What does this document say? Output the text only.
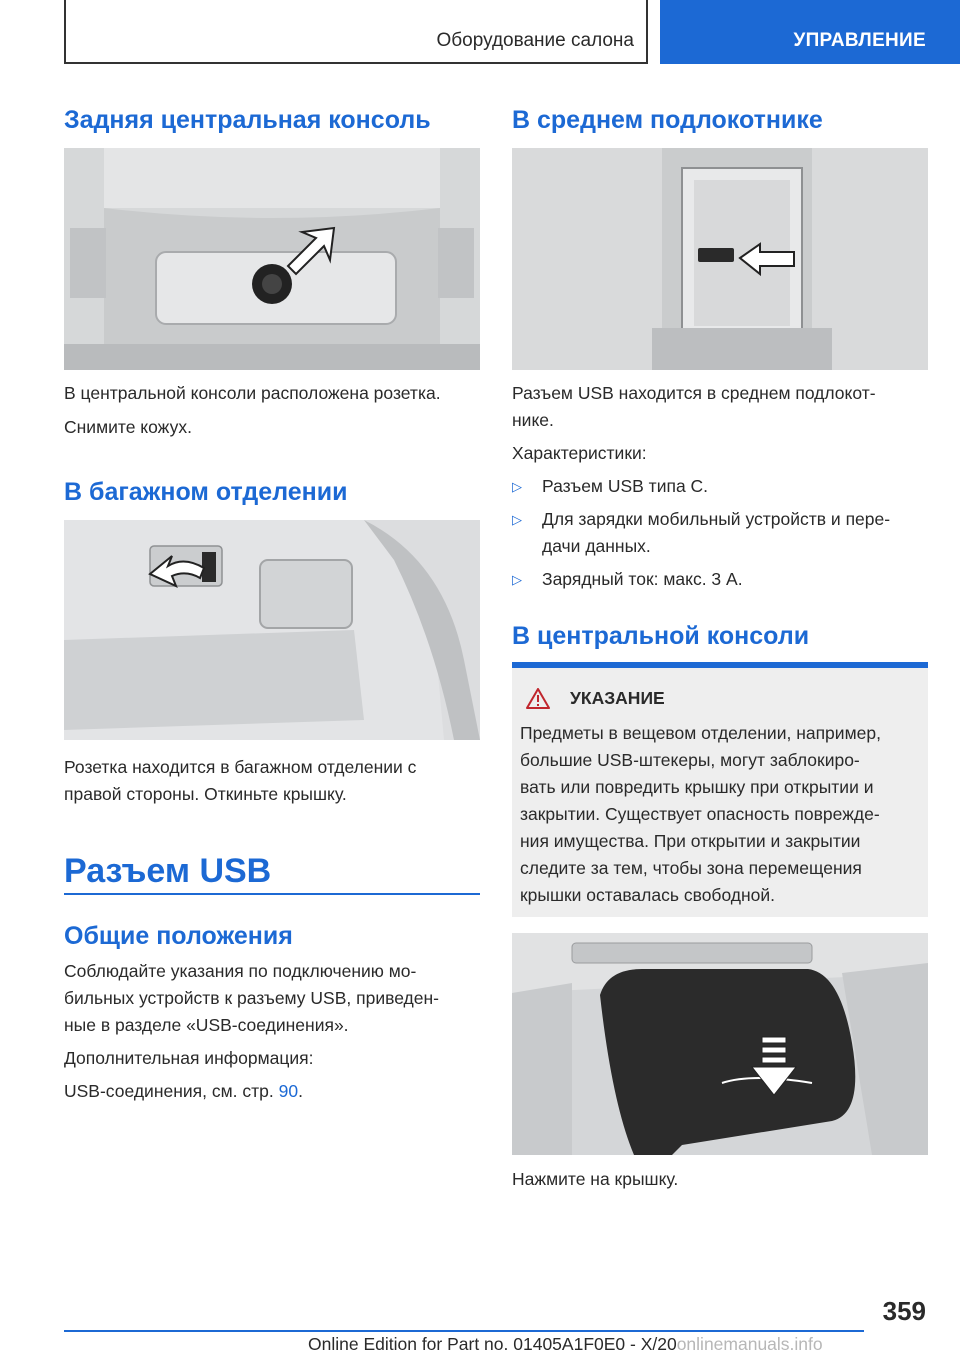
Оборудование салона	УПРАВЛЕНИЕ
Задняя центральная консоль

В центральной консоли расположена розетка.

Снимите кожух.

В багажном отделении

Розетка находится в багажном отделении с

правой стороны. Откиньте крышку.

Разъем USB
Общие положения

Соблюдайте указания по подключению мо-

бильных устройств к разъему USB, приведен-

ные в разделе «USB-соединения».

Дополнительная информация:

USB-соединения, см. стр. 90.

В среднем подлокотнике

Разъем USB находится в среднем подлокот-

нике.

Характеристики:

▷ Разъем USB типа C.
▷ Для зарядки мобильный устройств и пере-
дачи данных.
▷ Зарядный ток: макс. 3 A.
В центральной консоли
УКАЗАНИЕ

Предметы в вещевом отделении, например,

большие USB-штекеры, могут заблокиро-

вать или повредить крышку при открытии и

закрытии. Существует опасность поврежде-

ния имущества. При открытии и закрытии

следите за тем, чтобы зона перемещения

крышки оставалась свободной.

Нажмите на крышку.

359
Online Edition for Part no. 01405A1F0E0 - X/20onlinemanuals.info
